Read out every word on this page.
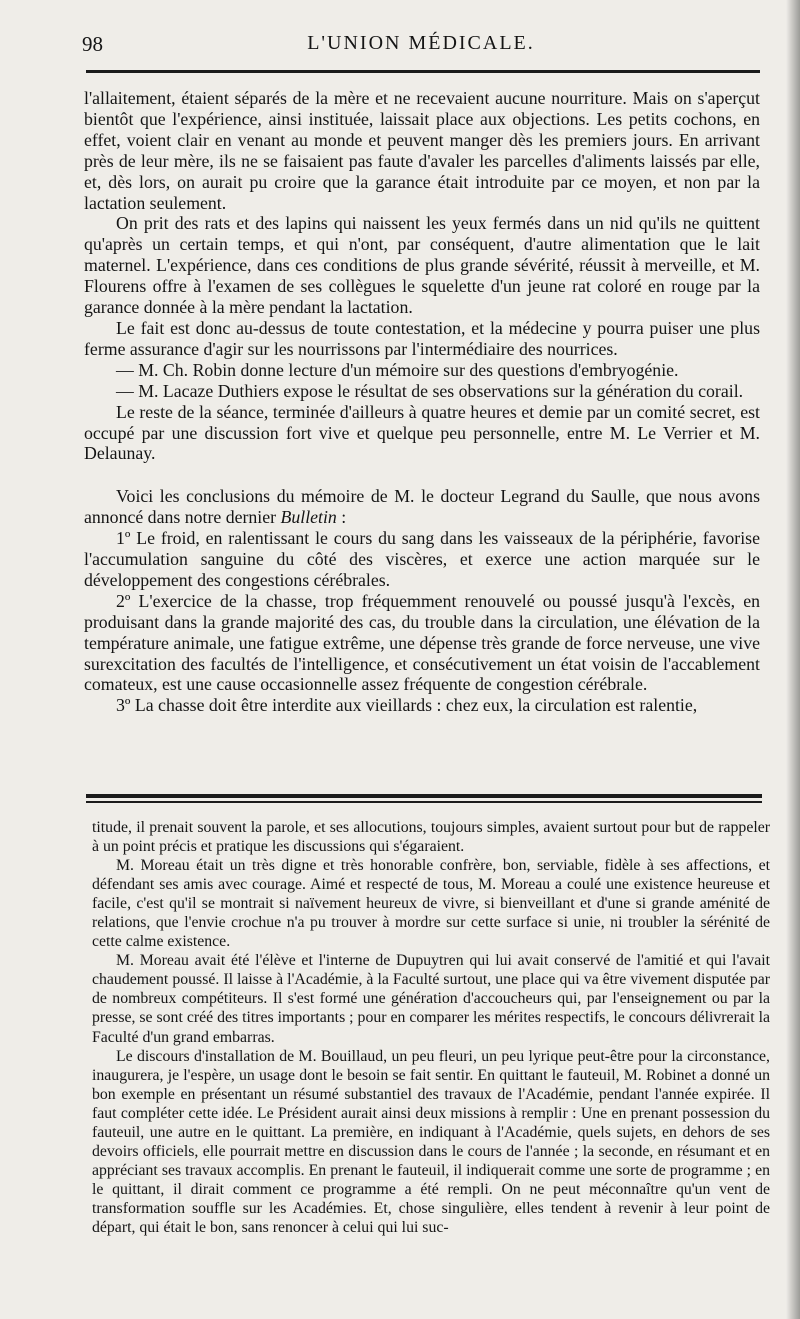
98	L'UNION MÉDICALE.

l'allaitement, étaient séparés de la mère et ne recevaient aucune nourriture. Mais on s'aperçut bientôt que l'expérience, ainsi instituée, laissait place aux objections. Les petits cochons, en effet, voient clair en venant au monde et peuvent manger dès les premiers jours. En arrivant près de leur mère, ils ne se faisaient pas faute d'avaler les parcelles d'aliments laissés par elle, et, dès lors, on aurait pu croire que la garance était introduite par ce moyen, et non par la lactation seulement.

On prit des rats et des lapins qui naissent les yeux fermés dans un nid qu'ils ne quittent qu'après un certain temps, et qui n'ont, par conséquent, d'autre alimentation que le lait maternel. L'expérience, dans ces conditions de plus grande sévérité, réussit à merveille, et M. Flourens offre à l'examen de ses collègues le squelette d'un jeune rat coloré en rouge par la garance donnée à la mère pendant la lactation.

Le fait est donc au-dessus de toute contestation, et la médecine y pourra puiser une plus ferme assurance d'agir sur les nourrissons par l'intermédiaire des nourrices.

— M. Ch. Robin donne lecture d'un mémoire sur des questions d'embryogénie.

— M. Lacaze Duthiers expose le résultat de ses observations sur la génération du corail.

Le reste de la séance, terminée d'ailleurs à quatre heures et demie par un comité secret, est occupé par une discussion fort vive et quelque peu personnelle, entre M. Le Verrier et M. Delaunay.

Voici les conclusions du mémoire de M. le docteur Legrand du Saulle, que nous avons annoncé dans notre dernier Bulletin :

1º Le froid, en ralentissant le cours du sang dans les vaisseaux de la périphérie, favorise l'accumulation sanguine du côté des viscères, et exerce une action marquée sur le développement des congestions cérébrales.

2º L'exercice de la chasse, trop fréquemment renouvelé ou poussé jusqu'à l'excès, en produisant dans la grande majorité des cas, du trouble dans la circulation, une élévation de la température animale, une fatigue extrême, une dépense très grande de force nerveuse, une vive surexcitation des facultés de l'intelligence, et consécutivement un état voisin de l'accablement comateux, est une cause occasionnelle assez fréquente de congestion cérébrale.

3º La chasse doit être interdite aux vieillards : chez eux, la circulation est ralentie,

titude, il prenait souvent la parole, et ses allocutions, toujours simples, avaient surtout pour but de rappeler à un point précis et pratique les discussions qui s'égaraient.

M. Moreau était un très digne et très honorable confrère, bon, serviable, fidèle à ses affections, et défendant ses amis avec courage. Aimé et respecté de tous, M. Moreau a coulé une existence heureuse et facile, c'est qu'il se montrait si naïvement heureux de vivre, si bienveillant et d'une si grande aménité de relations, que l'envie crochue n'a pu trouver à mordre sur cette surface si unie, ni troubler la sérénité de cette calme existence.

M. Moreau avait été l'élève et l'interne de Dupuytren qui lui avait conservé de l'amitié et qui l'avait chaudement poussé. Il laisse à l'Académie, à la Faculté surtout, une place qui va être vivement disputée par de nombreux compétiteurs. Il s'est formé une génération d'accoucheurs qui, par l'enseignement ou par la presse, se sont créé des titres importants ; pour en comparer les mérites respectifs, le concours délivrerait la Faculté d'un grand embarras.

Le discours d'installation de M. Bouillaud, un peu fleuri, un peu lyrique peut-être pour la circonstance, inaugurera, je l'espère, un usage dont le besoin se fait sentir. En quittant le fauteuil, M. Robinet a donné un bon exemple en présentant un résumé substantiel des travaux de l'Académie, pendant l'année expirée. Il faut compléter cette idée. Le Président aurait ainsi deux missions à remplir : Une en prenant possession du fauteuil, une autre en le quittant. La première, en indiquant à l'Académie, quels sujets, en dehors de ses devoirs officiels, elle pourrait mettre en discussion dans le cours de l'année ; la seconde, en résumant et en appréciant ses travaux accomplis. En prenant le fauteuil, il indiquerait comme une sorte de programme ; en le quittant, il dirait comment ce programme a été rempli. On ne peut méconnaître qu'un vent de transformation souffle sur les Académies. Et, chose singulière, elles tendent à revenir à leur point de départ, qui était le bon, sans renoncer à celui qui lui suc-
